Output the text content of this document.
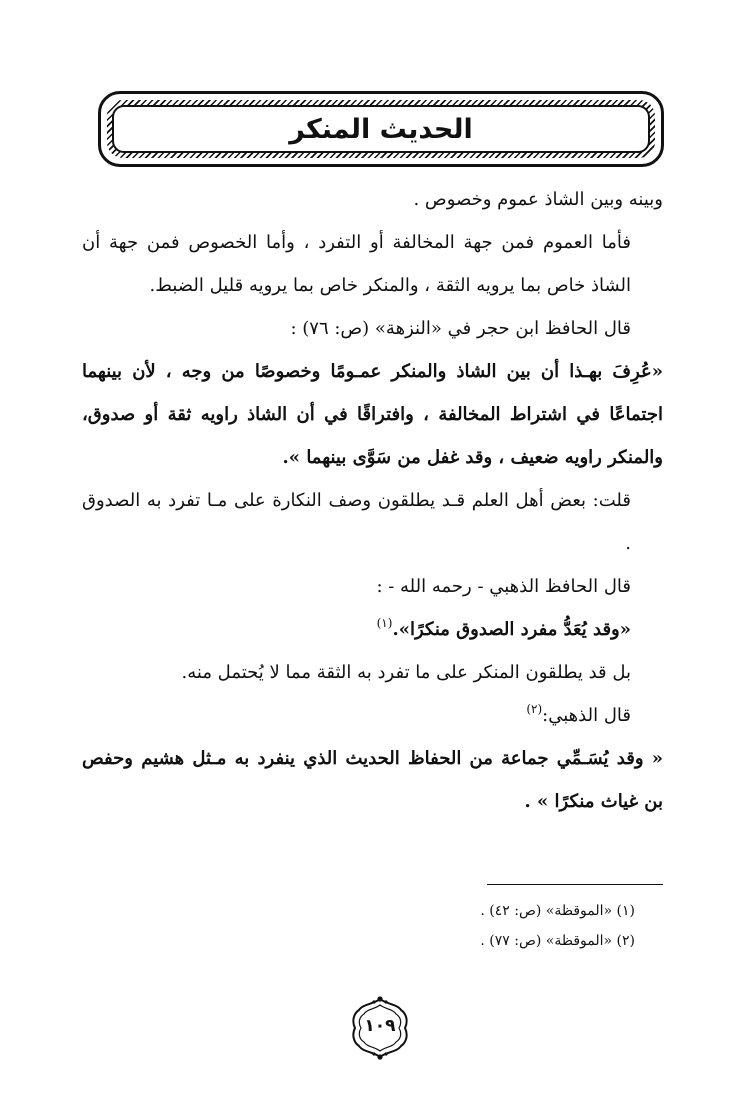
الحديث المنكر

وبينه وبين الشاذ عموم وخصوص .

فأما العموم فمن جهة المخالفة أو التفرد ، وأما الخصوص فمن جهة أن الشاذ خاص بما يرويه الثقة ، والمنكر خاص بما يرويه قليل الضبط.

قال الحافظ ابن حجر في «النزهة» (ص: ٧٦) :

«عُرِفَ بهـذا أن بين الشاذ والمنكر عمـومًا وخصوصًا من وجه ، لأن بينهما اجتماعًا في اشتراط المخالفة ، وافتراقًا في أن الشاذ راويه ثقة أو صدوق، والمنكر راويه ضعيف ، وقد غفل من سَوَّى بينهما ».

قلت: بعض أهل العلم قـد يطلقون وصف النكارة على مـا تفرد به الصدوق .

قال الحافظ الذهبي - رحمه الله - :

«وقد يُعَدُّ مفرد الصدوق منكرًا».$^{(١)}$

بل قد يطلقون المنكر على ما تفرد به الثقة مما لا يُحتمل منه.

قال الذهبي:$^{(٢)}$

« وقد يُسَـمِّي جماعة من الحفاظ الحديث الذي ينفرد به مـثل هشيم وحفص بن غياث منكرًا » .

(١) «الموقظة» (ص: ٤٢) .

(٢) «الموقظة» (ص: ٧٧) .

١٠٩
